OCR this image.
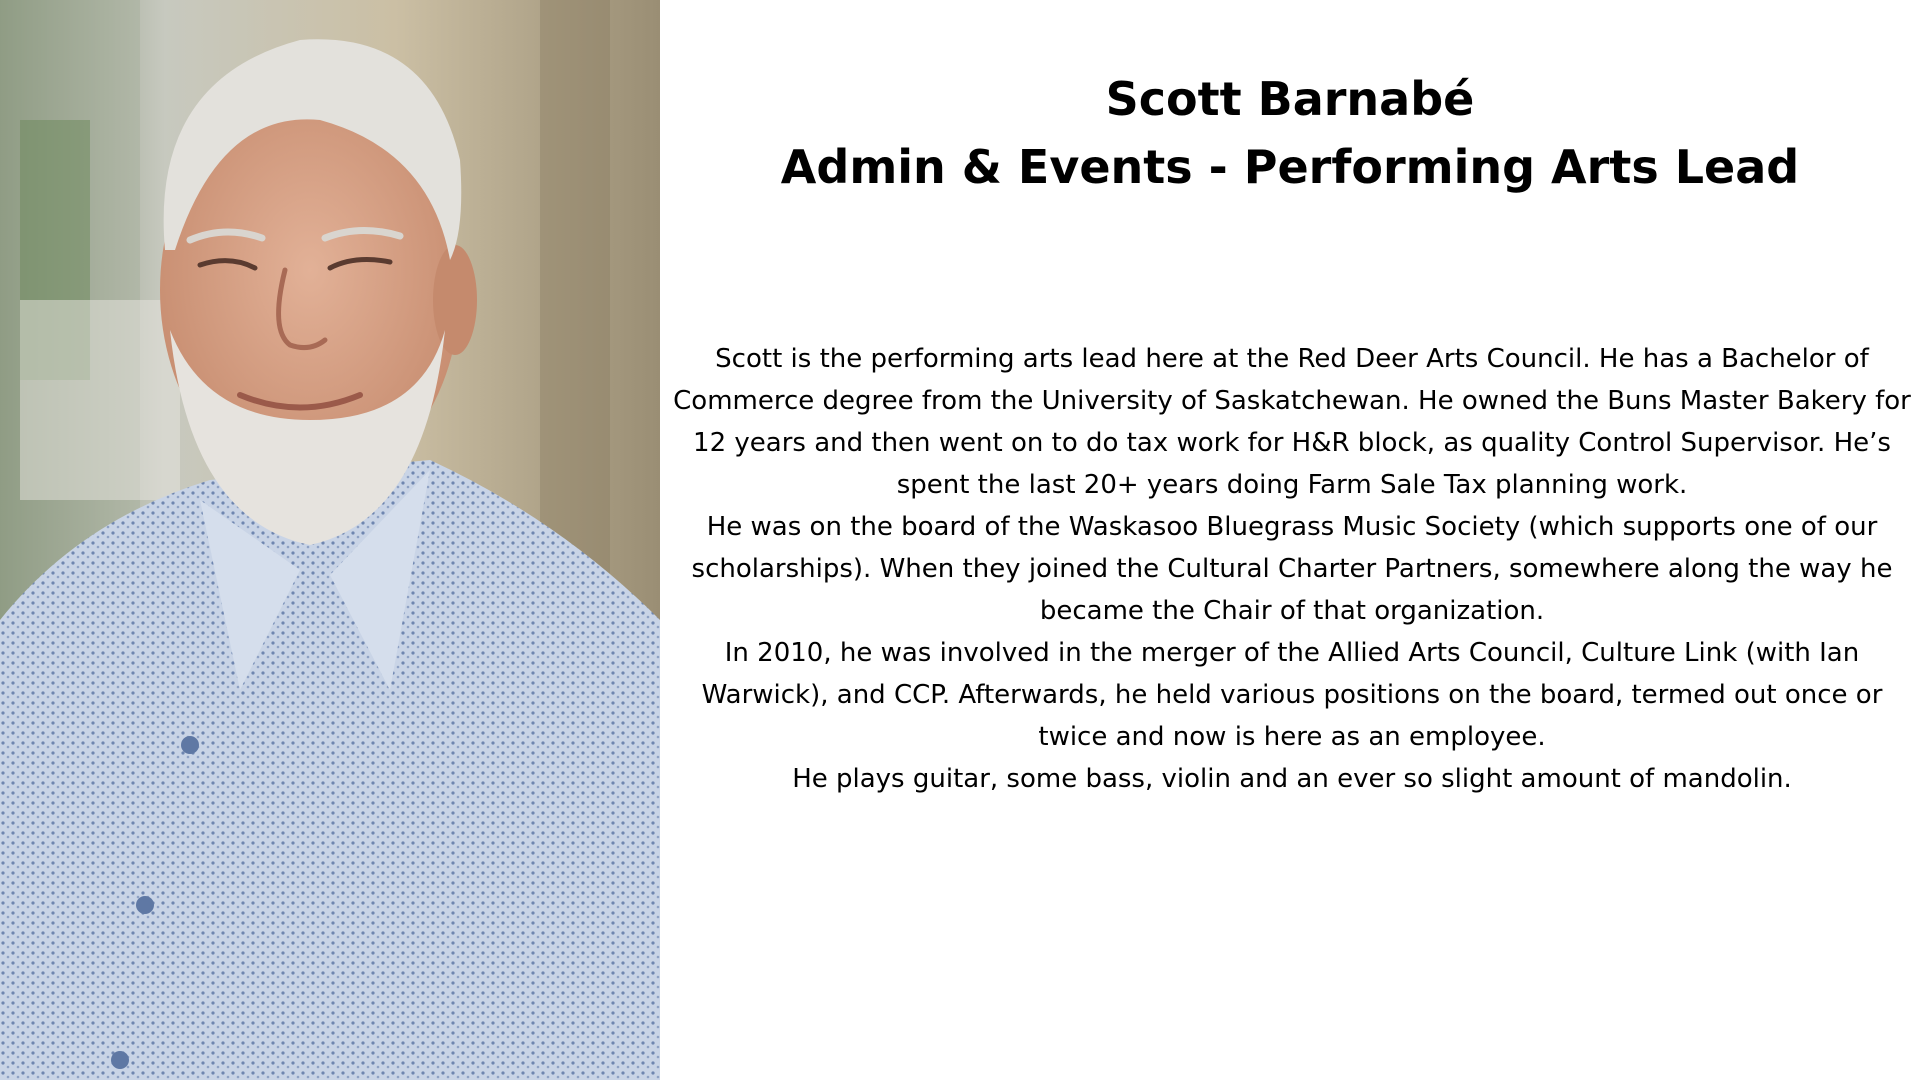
Scott Barnabé
Admin & Events - Performing Arts Lead

Scott is the performing arts lead here at the Red Deer Arts Council. He has a Bachelor of Commerce degree from the University of Saskatchewan. He owned the Buns Master Bakery for 12 years and then went on to do tax work for H&R block, as quality Control Supervisor. He’s spent the last 20+ years doing Farm Sale Tax planning work.

He was on the board of the Waskasoo Bluegrass Music Society (which supports one of our scholarships). When they joined the Cultural Charter Partners, somewhere along the way he became the Chair of that organization.

In 2010, he was involved in the merger of the Allied Arts Council, Culture Link (with Ian Warwick), and CCP. Afterwards, he held various positions on the board, termed out once or twice and now is here as an employee.

He plays guitar, some bass, violin and an ever so slight amount of mandolin.
